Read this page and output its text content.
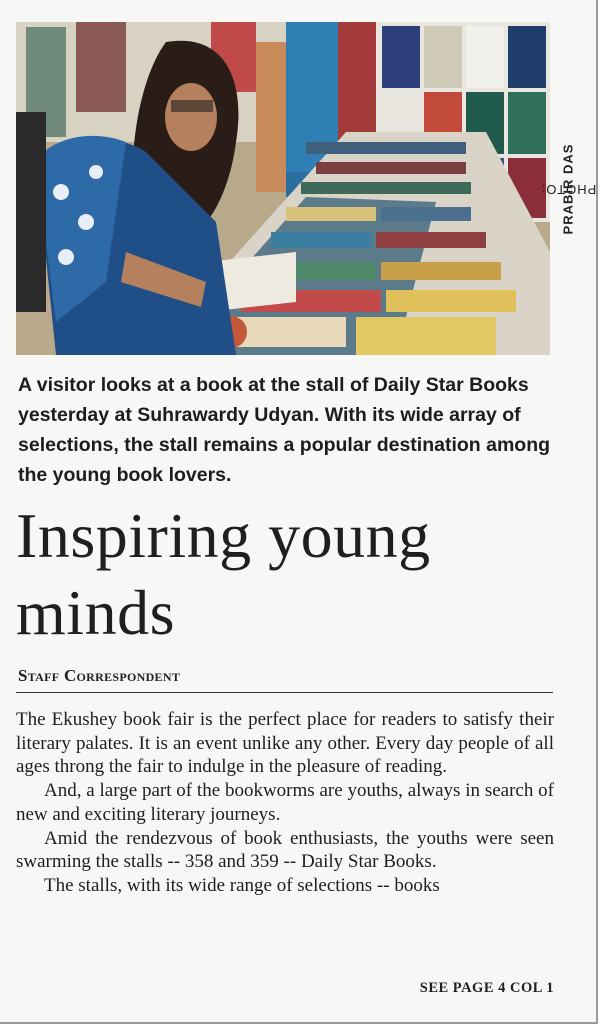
PHOTO:
PRABIR DAS

A visitor looks at a book at the stall of Daily Star Books yesterday at Suhrawardy Udyan. With its wide array of selections, the stall remains a popular destination among the young book lovers.

Inspiring young minds
Staff Correspondent

The Ekushey book fair is the perfect place for readers to satisfy their literary palates. It is an event unlike any other. Every day people of all ages throng the fair to indulge in the pleasure of reading.

And, a large part of the bookworms are youths, always in search of new and exciting literary journeys.

Amid the rendezvous of book enthusiasts, the youths were seen swarming the stalls -- 358 and 359 -- Daily Star Books.

The stalls, with its wide range of selections -- books

SEE PAGE 4 COL 1
